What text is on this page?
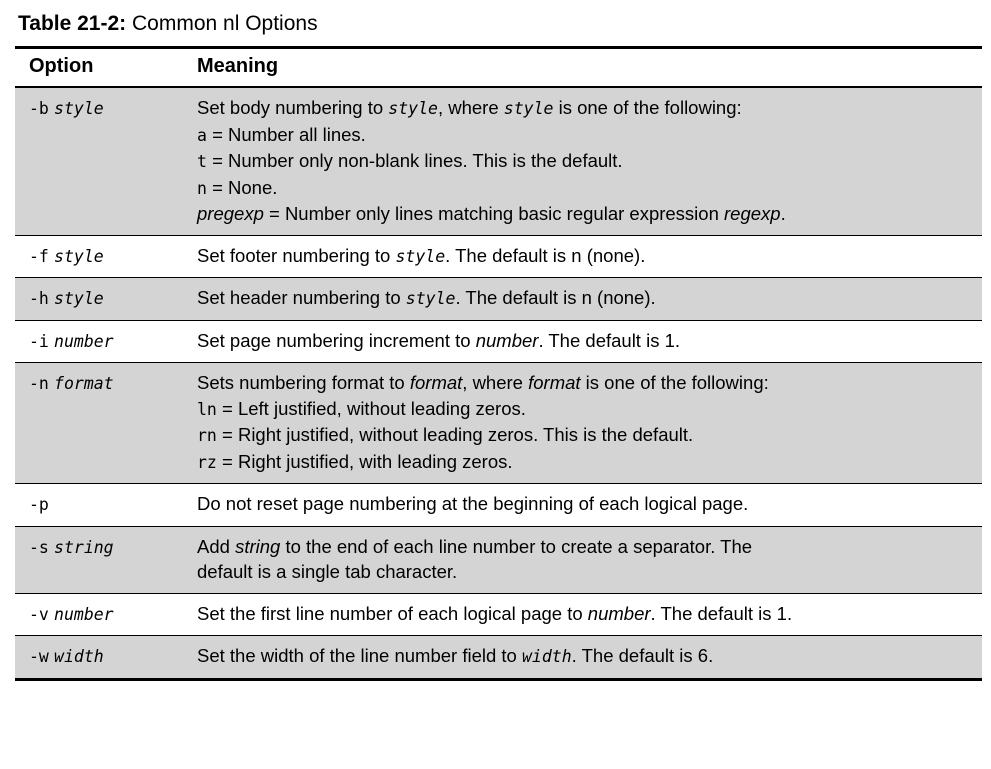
Table 21-2: Common nl Options
Option	Meaning
-b style	Set body numbering to style, where style is one of the following:
a = Number all lines.
t = Number only non-blank lines. This is the default.
n = None.
pregexp = Number only lines matching basic regular expression regexp.

-f style	Set footer numbering to style. The default is n (none).

-h style	Set header numbering to style. The default is n (none).

-i number	Set page numbering increment to number. The default is 1.

-n format	Sets numbering format to format, where format is one of the following:
ln = Left justified, without leading zeros.
rn = Right justified, without leading zeros. This is the default.
rz = Right justified, with leading zeros.

-p	Do not reset page numbering at the beginning of each logical page.

-s string	Add string to the end of each line number to create a separator. The
default is a single tab character.

-v number	Set the first line number of each logical page to number. The default is 1.

-w width	Set the width of the line number field to width. The default is 6.
